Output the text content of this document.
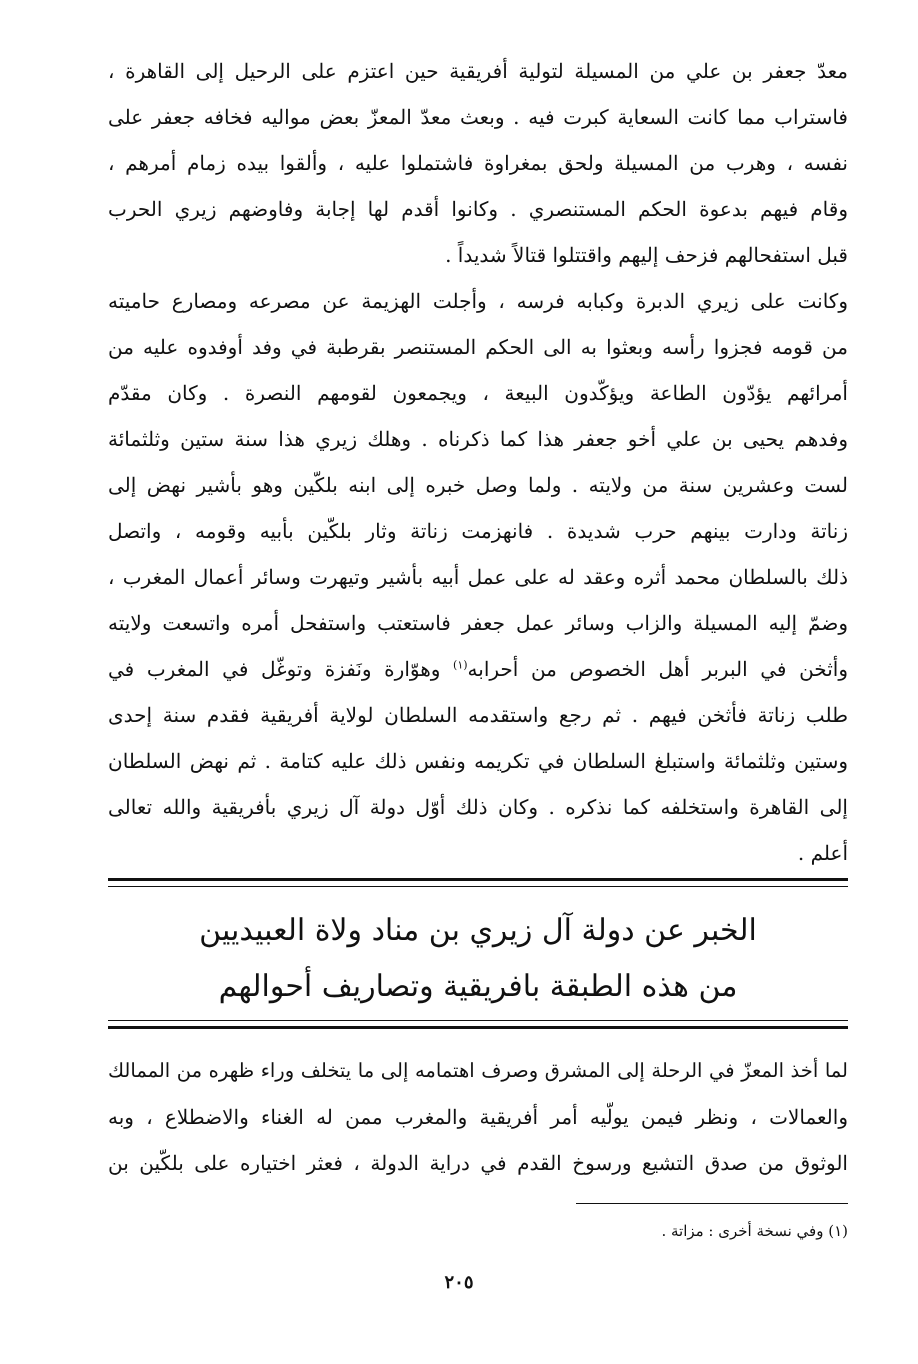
معدّ جعفر بن علي من المسيلة لتولية أفريقية حين اعتزم على الرحيل إلى القاهرة ،
فاستراب مما كانت السعاية كبرت فيه . وبعث معدّ المعزّ بعض مواليه فخافه جعفر على
نفسه ، وهرب من المسيلة ولحق بمغراوة فاشتملوا عليه ، وألقوا بيده زمام أمرهم ،
وقام فيهم بدعوة الحكم المستنصري . وكانوا أقدم لها إجابة وفاوضهم زيري الحرب
قبل استفحالهم فزحف إليهم واقتتلوا قتالاً شديداً .
وكانت على زيري الدبرة وكبابه فرسه ، وأجلت الهزيمة عن مصرعه ومصارع حاميته
من قومه فجزوا رأسه وبعثوا به الى الحكم المستنصر بقرطبة في وفد أوفدوه عليه من
أمرائهم يؤدّون الطاعة ويؤكّدون البيعة ، ويجمعون لقومهم النصرة . وكان مقدّم
وفدهم يحيى بن علي أخو جعفر هذا كما ذكرناه . وهلك زيري هذا سنة ستين وثلثمائة
لست وعشرين سنة من ولايته . ولما وصل خبره إلى ابنه بلكّين وهو بأشير نهض إلى
زناتة ودارت بينهم حرب شديدة . فانهزمت زناتة وثار بلكّين بأبيه وقومه ، واتصل
ذلك بالسلطان محمد أثره وعقد له على عمل أبيه بأشير وتيهرت وسائر أعمال المغرب ،
وضمّ إليه المسيلة والزاب وسائر عمل جعفر فاستعتب واستفحل أمره واتسعت ولايته
وأثخن في البربر أهل الخصوص من أحرابه$^{(١)}$ وهوّارة ونَفزة وتوغّل في المغرب في
طلب زناتة فأثخن فيهم . ثم رجع واستقدمه السلطان لولاية أفريقية فقدم سنة إحدى
وستين وثلثمائة واستبلغ السلطان في تكريمه ونفس ذلك عليه كتامة . ثم نهض السلطان
إلى القاهرة واستخلفه كما نذكره . وكان ذلك أوّل دولة آل زيري بأفريقية والله تعالى
أعلم .
الخبر عن دولة آل زيري بن مناد ولاة العبيديين
من هذه الطبقة بافريقية وتصاريف أحوالهم
لما أخذ المعزّ في الرحلة إلى المشرق وصرف اهتمامه إلى ما يتخلف وراء ظهره من الممالك
والعمالات ، ونظر فيمن يولّيه أمر أفريقية والمغرب ممن له الغناء والاضطلاع ، وبه
الوثوق من صدق التشيع ورسوخ القدم في دراية الدولة ، فعثر اختياره على بلكّين بن
(١) وفي نسخة أخرى : مزاتة .
٢٠٥
